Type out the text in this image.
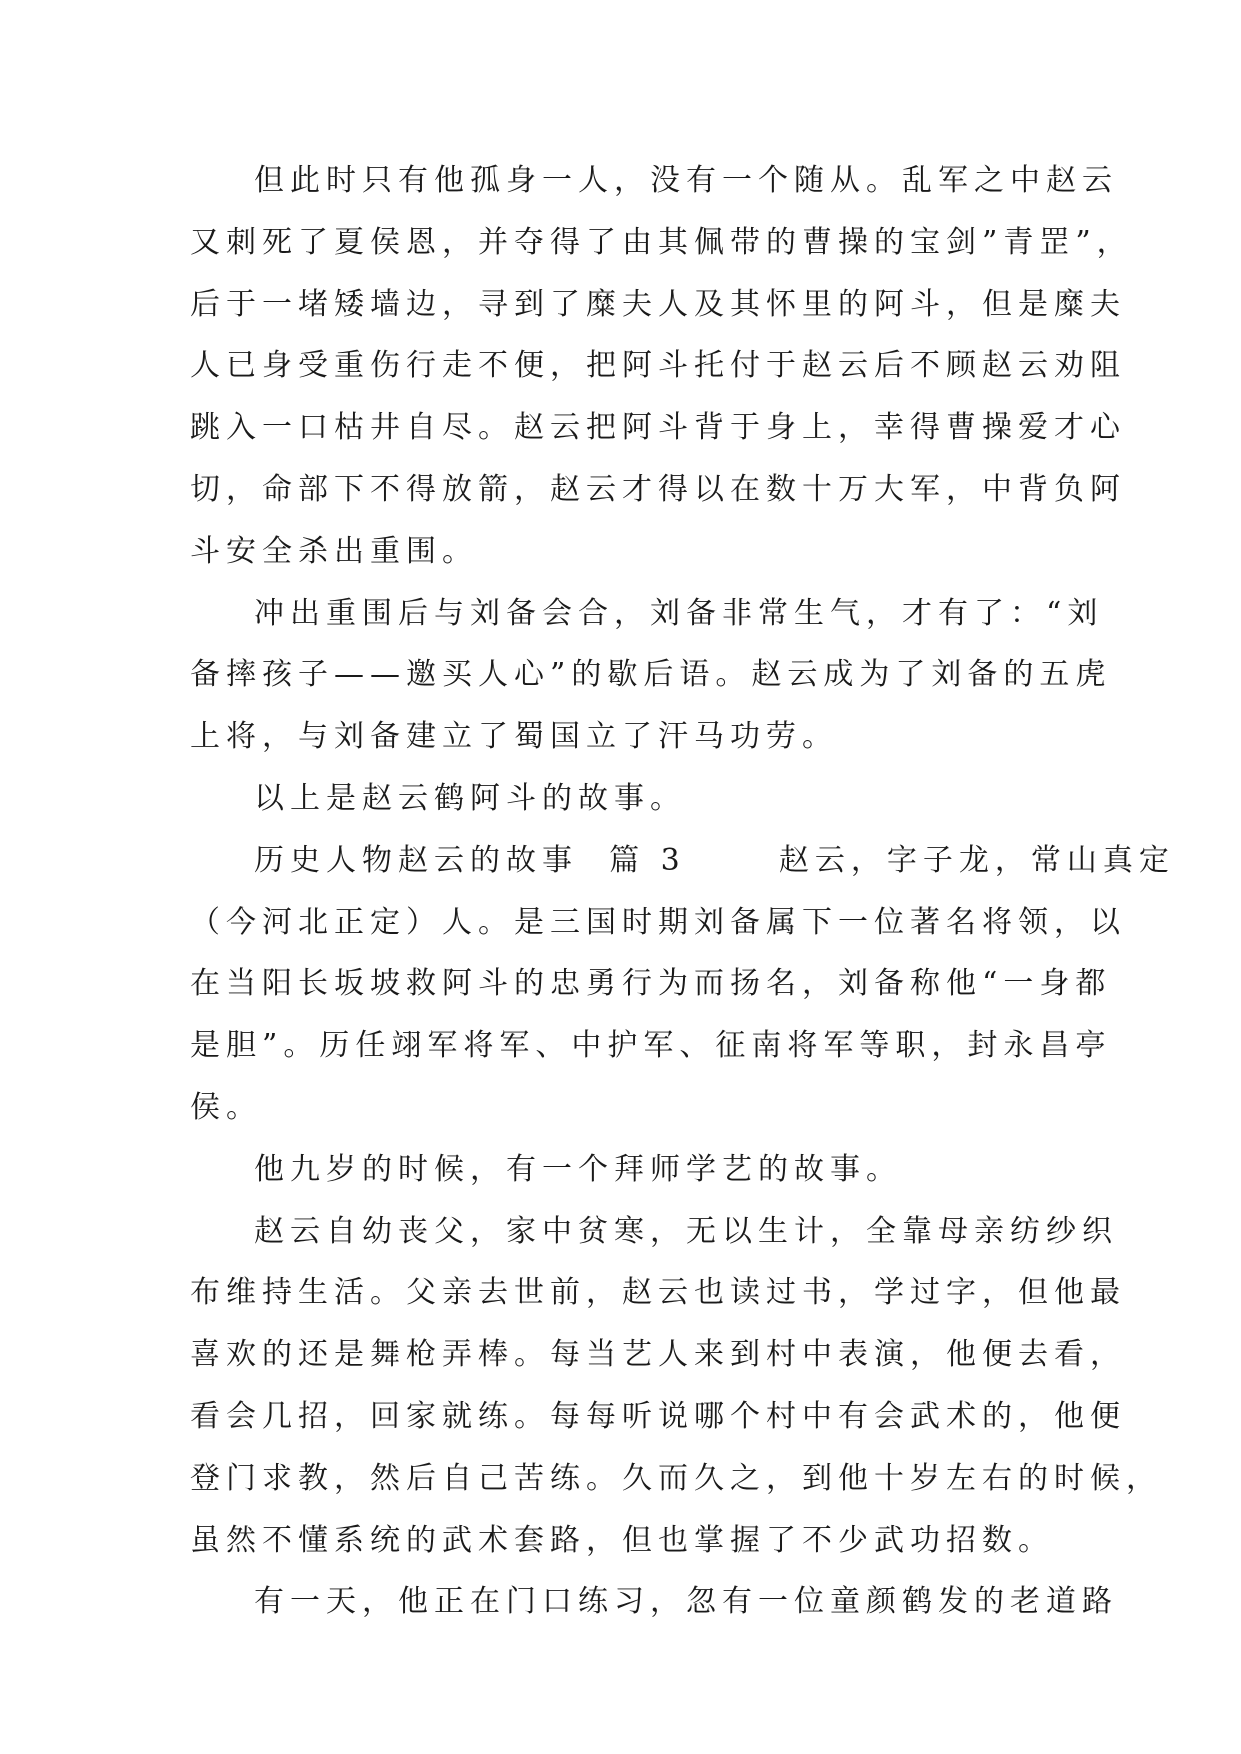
但此时只有他孤身一人，没有一个随从。乱军之中赵云
又刺死了夏侯恩，并夺得了由其佩带的曹操的宝剑”青罡”，
后于一堵矮墙边，寻到了糜夫人及其怀里的阿斗，但是糜夫
人已身受重伤行走不便，把阿斗托付于赵云后不顾赵云劝阻
跳入一口枯井自尽。赵云把阿斗背于身上，幸得曹操爱才心
切，命部下不得放箭，赵云才得以在数十万大军，中背负阿
斗安全杀出重围。
冲出重围后与刘备会合，刘备非常生气，才有了：“刘
备摔孩子——邀买人心”的歇后语。赵云成为了刘备的五虎
上将，与刘备建立了蜀国立了汗马功劳。
以上是赵云鹤阿斗的故事。
历史人物赵云的故事  篇 3      赵云，字子龙，常山真定
（今河北正定）人。是三国时期刘备属下一位著名将领，以
在当阳长坂坡救阿斗的忠勇行为而扬名，刘备称他“一身都
是胆”。历任翊军将军、中护军、征南将军等职，封永昌亭
侯。
他九岁的时候，有一个拜师学艺的故事。
赵云自幼丧父，家中贫寒，无以生计，全靠母亲纺纱织
布维持生活。父亲去世前，赵云也读过书，学过字，但他最
喜欢的还是舞枪弄棒。每当艺人来到村中表演，他便去看，
看会几招，回家就练。每每听说哪个村中有会武术的，他便
登门求教，然后自己苦练。久而久之，到他十岁左右的时候，
虽然不懂系统的武术套路，但也掌握了不少武功招数。
有一天，他正在门口练习，忽有一位童颜鹤发的老道路
